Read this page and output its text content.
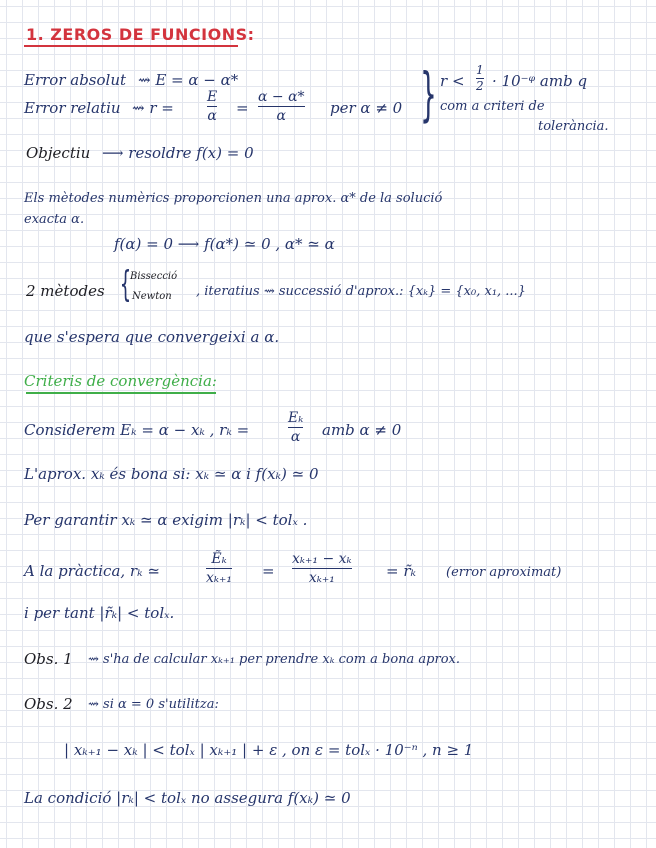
1. ZEROS DE FUNCIONS:
Error absolut ⇝ E = α − α*
Error relatiu ⇝ r =
E
α =
α − α*
α	per α ≠ 0 } r <
1
2 · 10⁻ᵠ amb q
com a criteri de
tolerància.
Objectiu ⟶ resoldre f(x) = 0
Els mètodes numèrics proporcionen una aprox. α* de la solució
exacta α.
f(α) = 0 ⟶ f(α*) ≃ 0 , α* ≃ α
2 mètodes {
Bissecció
Newton , iteratius ⇝ successió d'aprox.: {xₖ} = {x₀, x₁, ...}
que s'espera que convergeixi a α.
Criteris de convergència:
Considerem Eₖ = α − xₖ , rₖ =
Eₖ
α amb α ≠ 0
L'aprox. xₖ és bona si: xₖ ≃ α i f(xₖ) ≃ 0
Per garantir xₖ ≃ α exigim |rₖ| < tolₓ .
A la pràctica, rₖ ≃
Ẽₖ
xₖ₊₁ =
xₖ₊₁ − xₖ
xₖ₊₁	= r̃ₖ (error aproximat)
i per tant |r̃ₖ| < tolₓ.
Obs. 1 ⇝ s'ha de calcular xₖ₊₁ per prendre xₖ com a bona aprox.
Obs. 2 ⇝ si α = 0 s'utilitza:
| xₖ₊₁ − xₖ | < tolₓ | xₖ₊₁ | + ε , on ε = tolₓ · 10⁻ⁿ , n ≥ 1
La condició |rₖ| < tolₓ no assegura f(xₖ) ≃ 0
